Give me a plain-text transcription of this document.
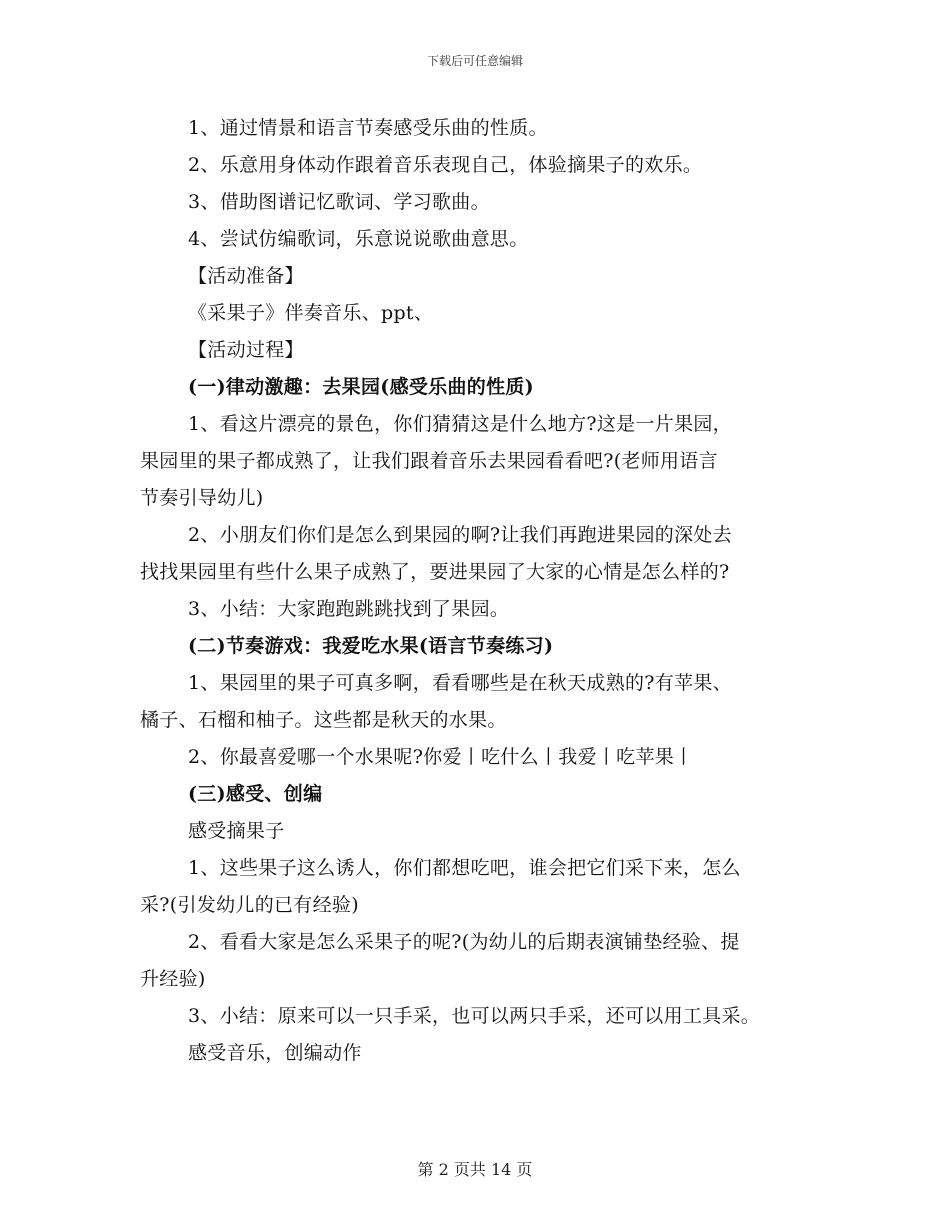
下载后可任意编辑

1、通过情景和语言节奏感受乐曲的性质。

2、乐意用身体动作跟着音乐表现自己，体验摘果子的欢乐。

3、借助图谱记忆歌词、学习歌曲。

4、尝试仿编歌词，乐意说说歌曲意思。

【活动准备】

《采果子》伴奏音乐、ppt、

【活动过程】

(一)律动激趣：去果园(感受乐曲的性质)

1、看这片漂亮的景色，你们猜猜这是什么地方?这是一片果园，

果园里的果子都成熟了，让我们跟着音乐去果园看看吧?(老师用语言

节奏引导幼儿)

2、小朋友们你们是怎么到果园的啊?让我们再跑进果园的深处去

找找果园里有些什么果子成熟了，要进果园了大家的心情是怎么样的?

3、小结：大家跑跑跳跳找到了果园。

(二)节奏游戏：我爱吃水果(语言节奏练习)

1、果园里的果子可真多啊，看看哪些是在秋天成熟的?有苹果、

橘子、石榴和柚子。这些都是秋天的水果。

2、你最喜爱哪一个水果呢?你爱丨吃什么丨我爱丨吃苹果丨

(三)感受、创编

感受摘果子

1、这些果子这么诱人，你们都想吃吧，谁会把它们采下来，怎么

采?(引发幼儿的已有经验)

2、看看大家是怎么采果子的呢?(为幼儿的后期表演铺垫经验、提

升经验)

3、小结：原来可以一只手采，也可以两只手采，还可以用工具采。

感受音乐，创编动作

第 2 页共 14 页
